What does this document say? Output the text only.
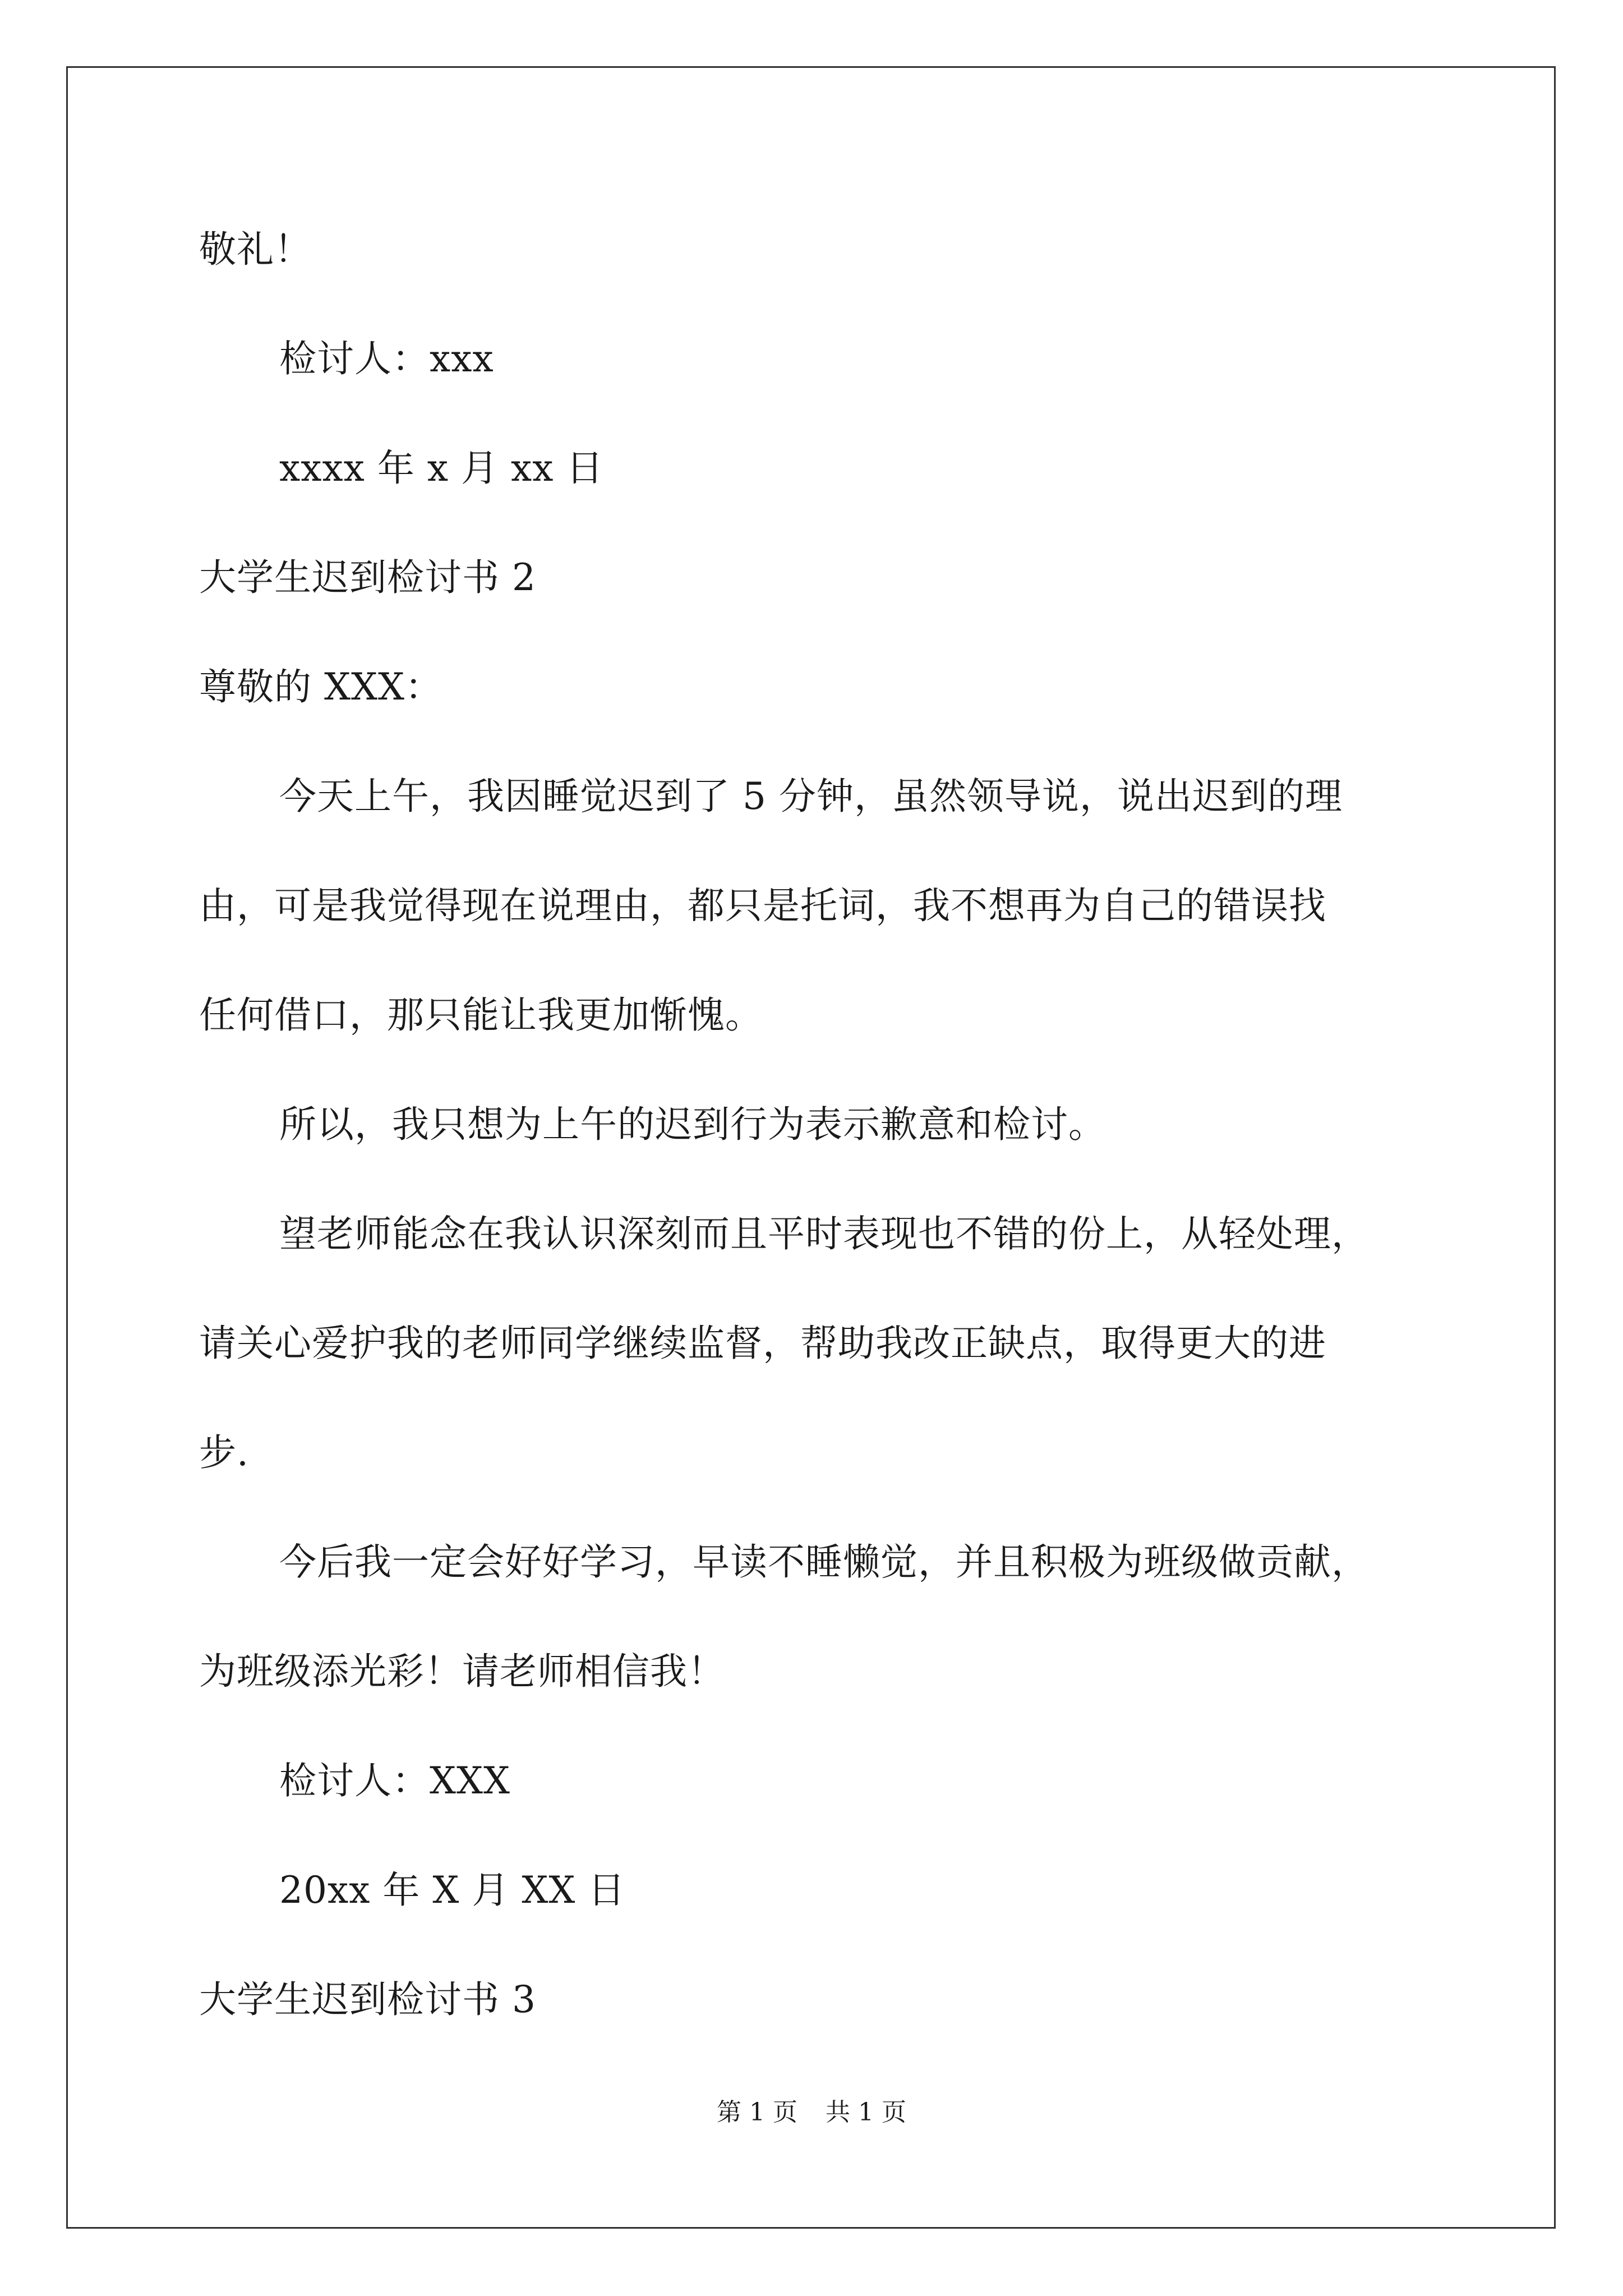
敬礼！
检讨人：xxx
xxxx 年 x 月 xx 日
大学生迟到检讨书 2
尊敬的 XXX：
今天上午，我因睡觉迟到了 5 分钟，虽然领导说，说出迟到的理
由，可是我觉得现在说理由，都只是托词，我不想再为自己的错误找
任何借口，那只能让我更加惭愧。
所以，我只想为上午的迟到行为表示歉意和检讨。
望老师能念在我认识深刻而且平时表现也不错的份上，从轻处理，
请关心爱护我的老师同学继续监督，帮助我改正缺点，取得更大的进
步.
今后我一定会好好学习，早读不睡懒觉，并且积极为班级做贡献，
为班级添光彩！请老师相信我！
检讨人：XXX
20xx 年 X 月 XX 日
大学生迟到检讨书 3
第 1 页 共 1 页
